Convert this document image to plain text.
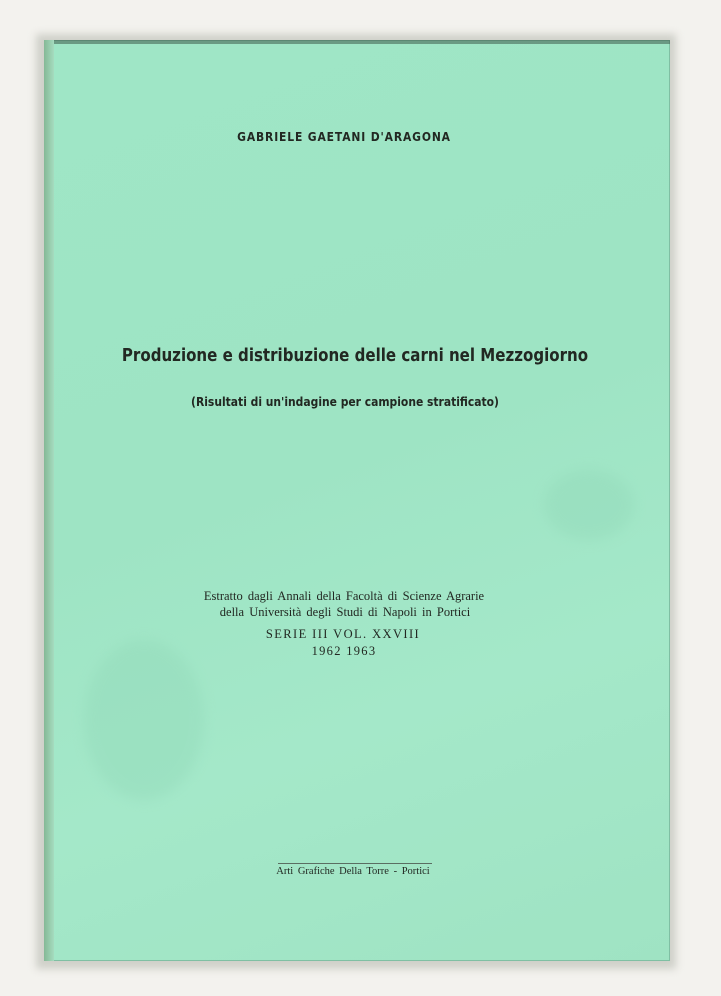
GABRIELE GAETANI D'ARAGONA
Produzione e distribuzione delle carni nel Mezzogiorno
(Risultati di un'indagine per campione stratificato)
Estratto dagli Annali della Facoltà di Scienze Agrarie
della Università degli Studi di Napoli in Portici
SERIE III VOL. XXVIII
1962 1963
Arti Grafiche Della Torre - Portici
